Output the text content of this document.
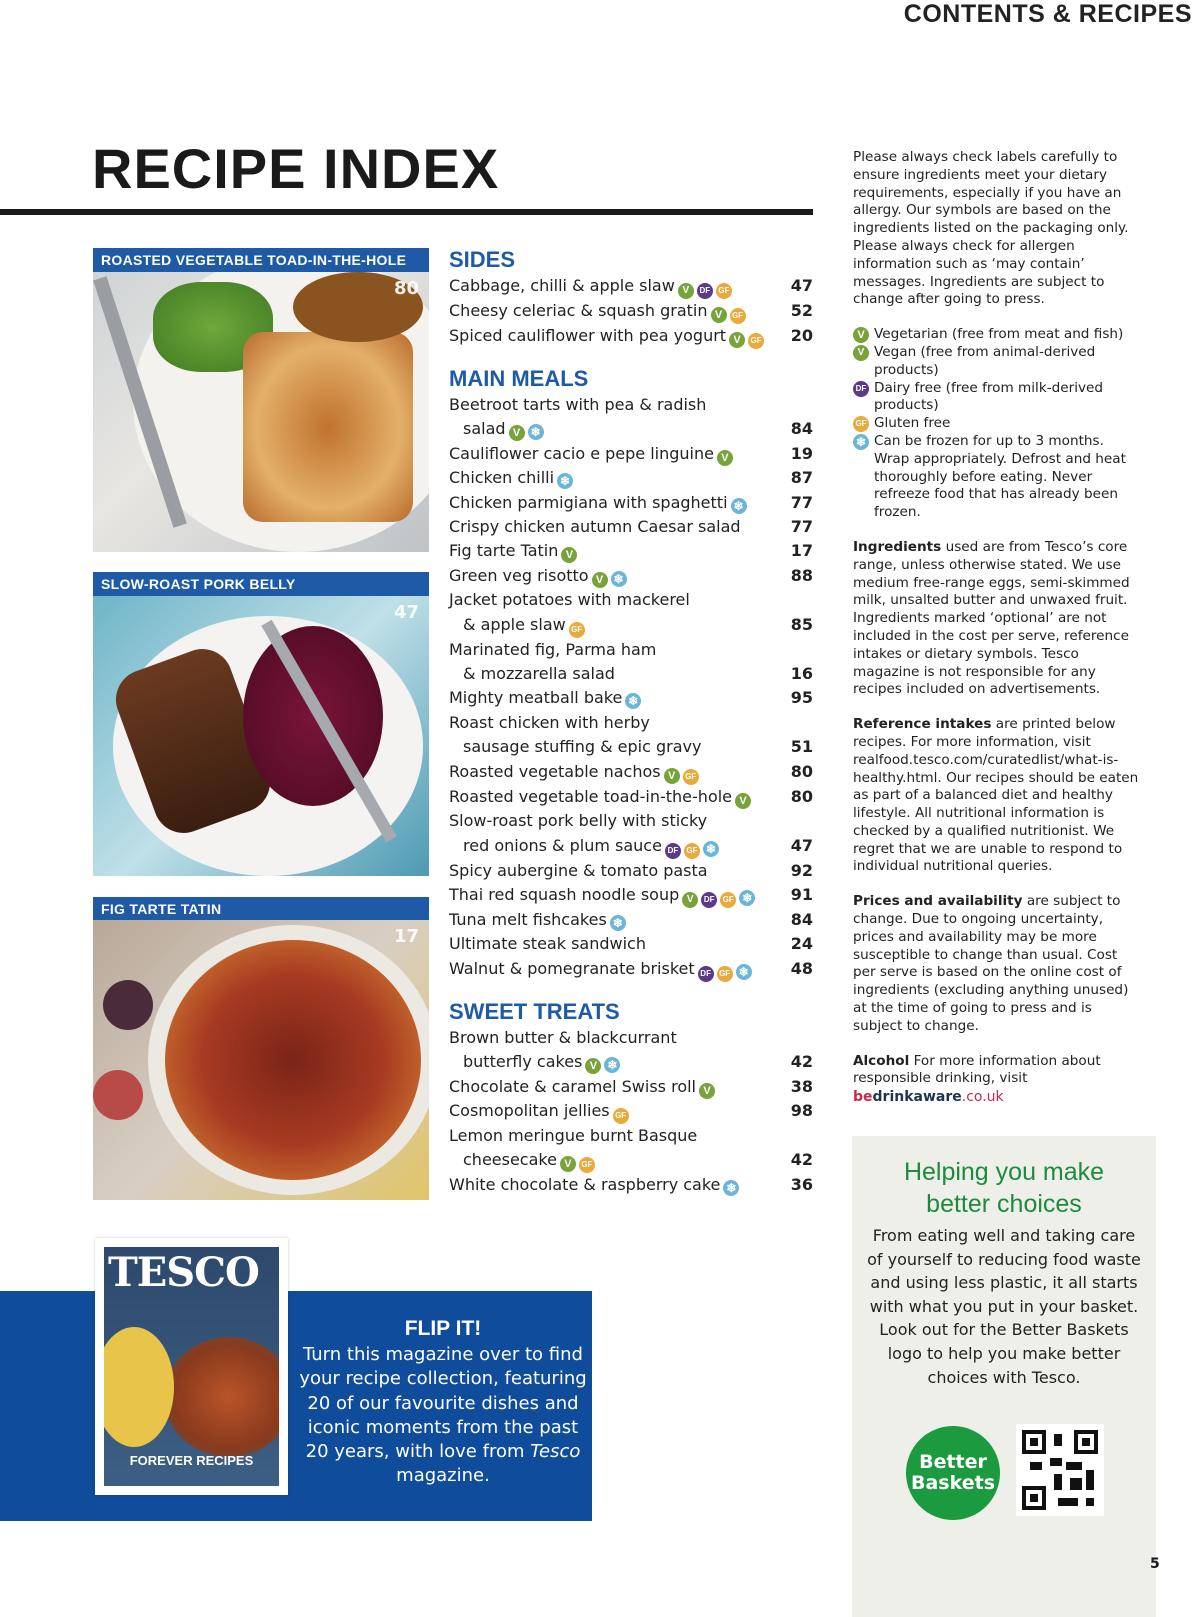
CONTENTS & RECIPES
RECIPE INDEX
ROASTED VEGETABLE TOAD-IN-THE-HOLE
80
SLOW-ROAST PORK BELLY
47
FIG TARTE TATIN
17
SIDES
Cabbage, chilli & apple slaw V DF GF	47
Cheesy celeriac & squash gratin V GF	52
Spiced cauliflower with pea yogurt V GF 20
MAIN MEALS
Beetroot tarts with pea & radish
salad V ❄	84
Cauliflower cacio e pepe linguine V	19
Chicken chilli ❄	87
Chicken parmigiana with spaghetti ❄	77
Crispy chicken autumn Caesar salad	77
Fig tarte Tatin V	17
Green veg risotto V ❄	88
Jacket potatoes with mackerel
& apple slaw GF	85
Marinated fig, Parma ham
& mozzarella salad	16
Mighty meatball bake ❄	95
Roast chicken with herby
sausage stuffing & epic gravy	51
Roasted vegetable nachos V GF	80
Roasted vegetable toad-in-the-hole V	80
Slow-roast pork belly with sticky
red onions & plum sauce DF GF ❄	47
Spicy aubergine & tomato pasta	92
Thai red squash noodle soup V DF GF ❄ 91
Tuna melt fishcakes ❄	84
Ultimate steak sandwich	24
Walnut & pomegranate brisket DF GF ❄	48
SWEET TREATS
Brown butter & blackcurrant
butterfly cakes V ❄	42
Chocolate & caramel Swiss roll V	38
Cosmopolitan jellies GF	98
Lemon meringue burnt Basque
cheesecake V GF	42
White chocolate & raspberry cake ❄	36

Please always check labels carefully to ensure ingredients meet your dietary requirements, especially if you have an allergy. Our symbols are based on the ingredients listed on the packaging only. Please always check for allergen information such as ‘may contain’ messages. Ingredients are subject to change after going to press.

V Vegetarian (free from meat and fish)
V Vegan (free from animal-derived products)
DF Dairy free (free from milk-derived products)
GF Gluten free
❄ Can be frozen for up to 3 months. Wrap appropriately. Defrost and heat thoroughly before eating. Never refreeze food that has already been frozen.

Ingredients used are from Tesco’s core range, unless otherwise stated. We use medium free-range eggs, semi-skimmed milk, unsalted butter and unwaxed fruit. Ingredients marked ‘optional’ are not included in the cost per serve, reference intakes or dietary symbols. Tesco magazine is not responsible for any recipes included on advertisements.

Reference intakes are printed below recipes. For more information, visit realfood.tesco.com/curatedlist/what-is-healthy.html. Our recipes should be eaten as part of a balanced diet and healthy lifestyle. All nutritional information is checked by a qualified nutritionist. We regret that we are unable to respond to individual nutritional queries.

Prices and availability are subject to change. Due to ongoing uncertainty, prices and availability may be more susceptible to change than usual. Cost per serve is based on the online cost of ingredients (excluding anything unused) at the time of going to press and is subject to change.

Alcohol For more information about responsible drinking, visit

bedrinkaware.co.uk
Helping you make better choices
From eating well and taking care of yourself to reducing food waste and using less plastic, it all starts with what you put in your basket. Look out for the Better Baskets logo to help you make better choices with Tesco.
Better Baskets
TESCO
FOREVER RECIPES
FLIP IT!
Turn this magazine over to find your recipe collection, featuring 20 of our favourite dishes and iconic moments from the past 20 years, with love from Tesco magazine.
5
